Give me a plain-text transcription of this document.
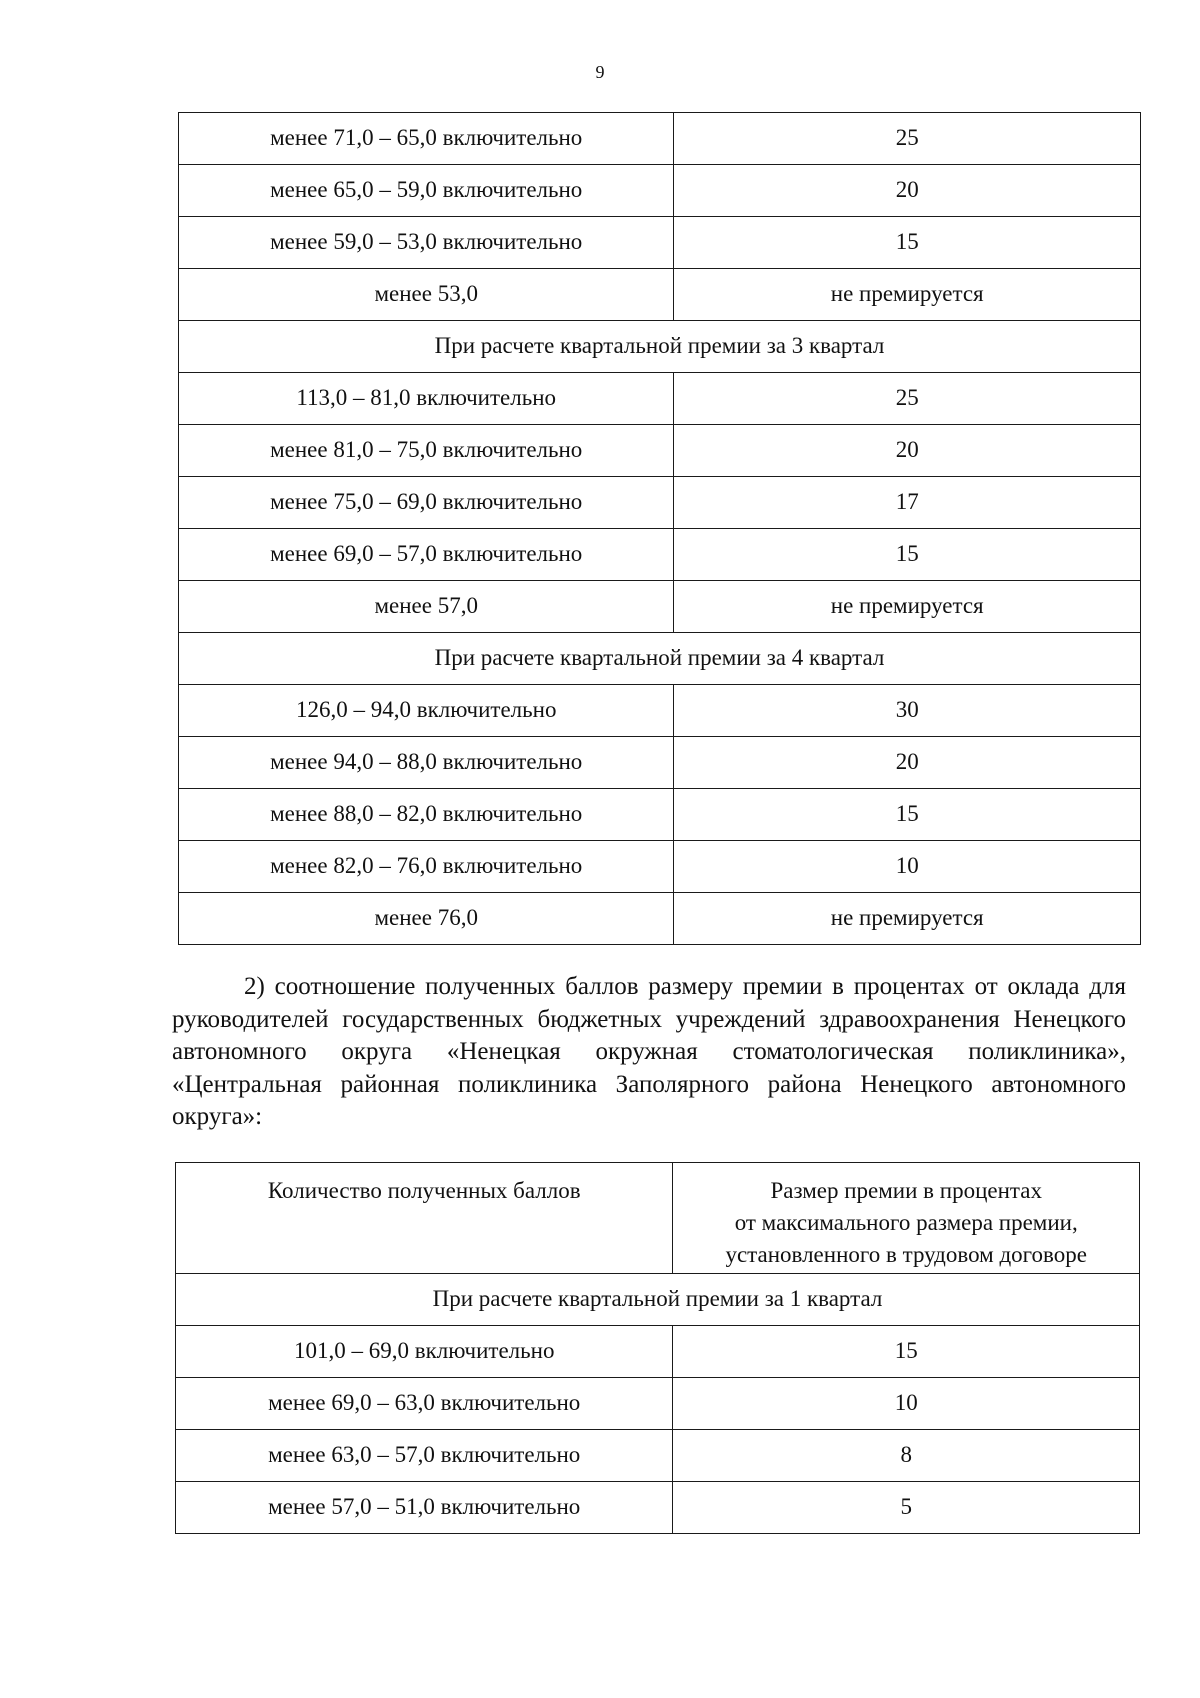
9
менее 71,0 – 65,0 включительно	25
менее 65,0 – 59,0 включительно	20
менее 59,0 – 53,0 включительно	15
менее 53,0	не премируется
При расчете квартальной премии за 3 квартал	
113,0 – 81,0 включительно	25
менее 81,0 – 75,0 включительно	20
менее 75,0 – 69,0 включительно	17
менее 69,0 – 57,0 включительно	15
менее 57,0	не премируется
При расчете квартальной премии за 4 квартал	
126,0 – 94,0 включительно	30
менее 94,0 – 88,0 включительно	20
менее 88,0 – 82,0 включительно	15
менее 82,0 – 76,0 включительно	10
менее 76,0	не премируется
2) соотношение полученных баллов размеру премии в процентах от оклада для руководителей государственных бюджетных учреждений здравоохранения Ненецкого автономного округа «Ненецкая окружная стоматологическая поликлиника», «Центральная районная поликлиника Заполярного района Ненецкого автономного округа»:
Количество полученных баллов	Размер премии в процентах
от максимального размера премии,
установленного в трудовом договоре

При расчете квартальной премии за 1 квартал	
101,0 – 69,0 включительно	15
менее 69,0 – 63,0 включительно	10
менее 63,0 – 57,0 включительно	8
менее 57,0 – 51,0 включительно	5
